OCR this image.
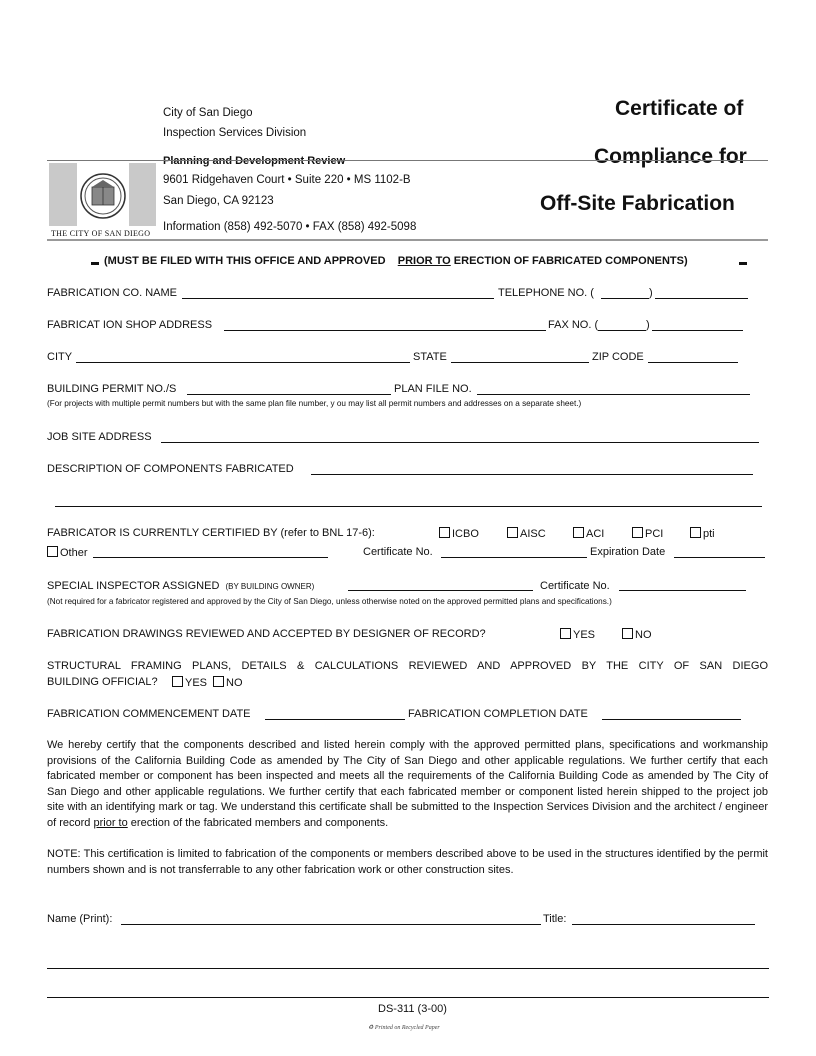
City of San Diego
Inspection Services Division
Planning and Development Review
9601 Ridgehaven Court • Suite 220 • MS 1102-B
San Diego, CA 92123
Information (858) 492-5070 • FAX (858) 492-5098
Certificate of
Compliance for
Off-Site Fabrication
THE CITY OF SAN DIEGO
(MUST BE FILED WITH THIS OFFICE AND APPROVED PRIOR TO ERECTION OF FABRICATED COMPONENTS)
FABRICATION CO. NAME	TELEPHONE NO. (	)
FABRICAT ION SHOP ADDRESS	FAX NO. (	)
CITY	STATE	ZIP CODE
BUILDING PERMIT NO./S	PLAN FILE NO.
(For projects with multiple permit numbers but with the same plan file number, y ou may list all permit numbers and addresses on a separate sheet.)
JOB SITE ADDRESS
DESCRIPTION OF COMPONENTS FABRICATED
FABRICATOR IS CURRENTLY CERTIFIED BY (refer to BNL 17-6):	ICBO	AISC	ACI	PCI	pti
Other	Certificate No.	Expiration Date
SPECIAL INSPECTOR ASSIGNED (BY BUILDING OWNER)	Certificate No.
(Not required for a fabricator registered and approved by the City of San Diego, unless otherwise noted on the approved permitted plans and specifications.)
FABRICATION DRAWINGS REVIEWED AND ACCEPTED BY DESIGNER OF RECORD?	YES	NO
STRUCTURAL FRAMING PLANS, DETAILS & CALCULATIONS REVIEWED AND APPROVED BY THE CITY OF SAN DIEGO
BUILDING OFFICIAL?	YES	NO
FABRICATION COMMENCEMENT DATE	FABRICATION COMPLETION DATE
We hereby certify that the components described and listed herein comply with the approved permitted plans, specifications and workmanship provisions of the California Building Code as amended by The City of San Diego and other applicable regulations. We further certify that each fabricated member or component has been inspected and meets all the requirements of the California Building Code as amended by The City of San Diego and other applicable regulations. We further certify that each fabricated member or component listed herein shipped to the project job site with an identifying mark or tag. We understand this certificate shall be submitted to the Inspection Services Division and the architect / engineer of record prior to erection of the fabricated members and components.
NOTE: This certification is limited to fabrication of the components or members described above to be used in the structures identified by the permit numbers shown and is not transferrable to any other fabrication work or other construction sites.
Name (Print):	Title:
DS-311 (3-00)
♻ Printed on Recycled Paper
